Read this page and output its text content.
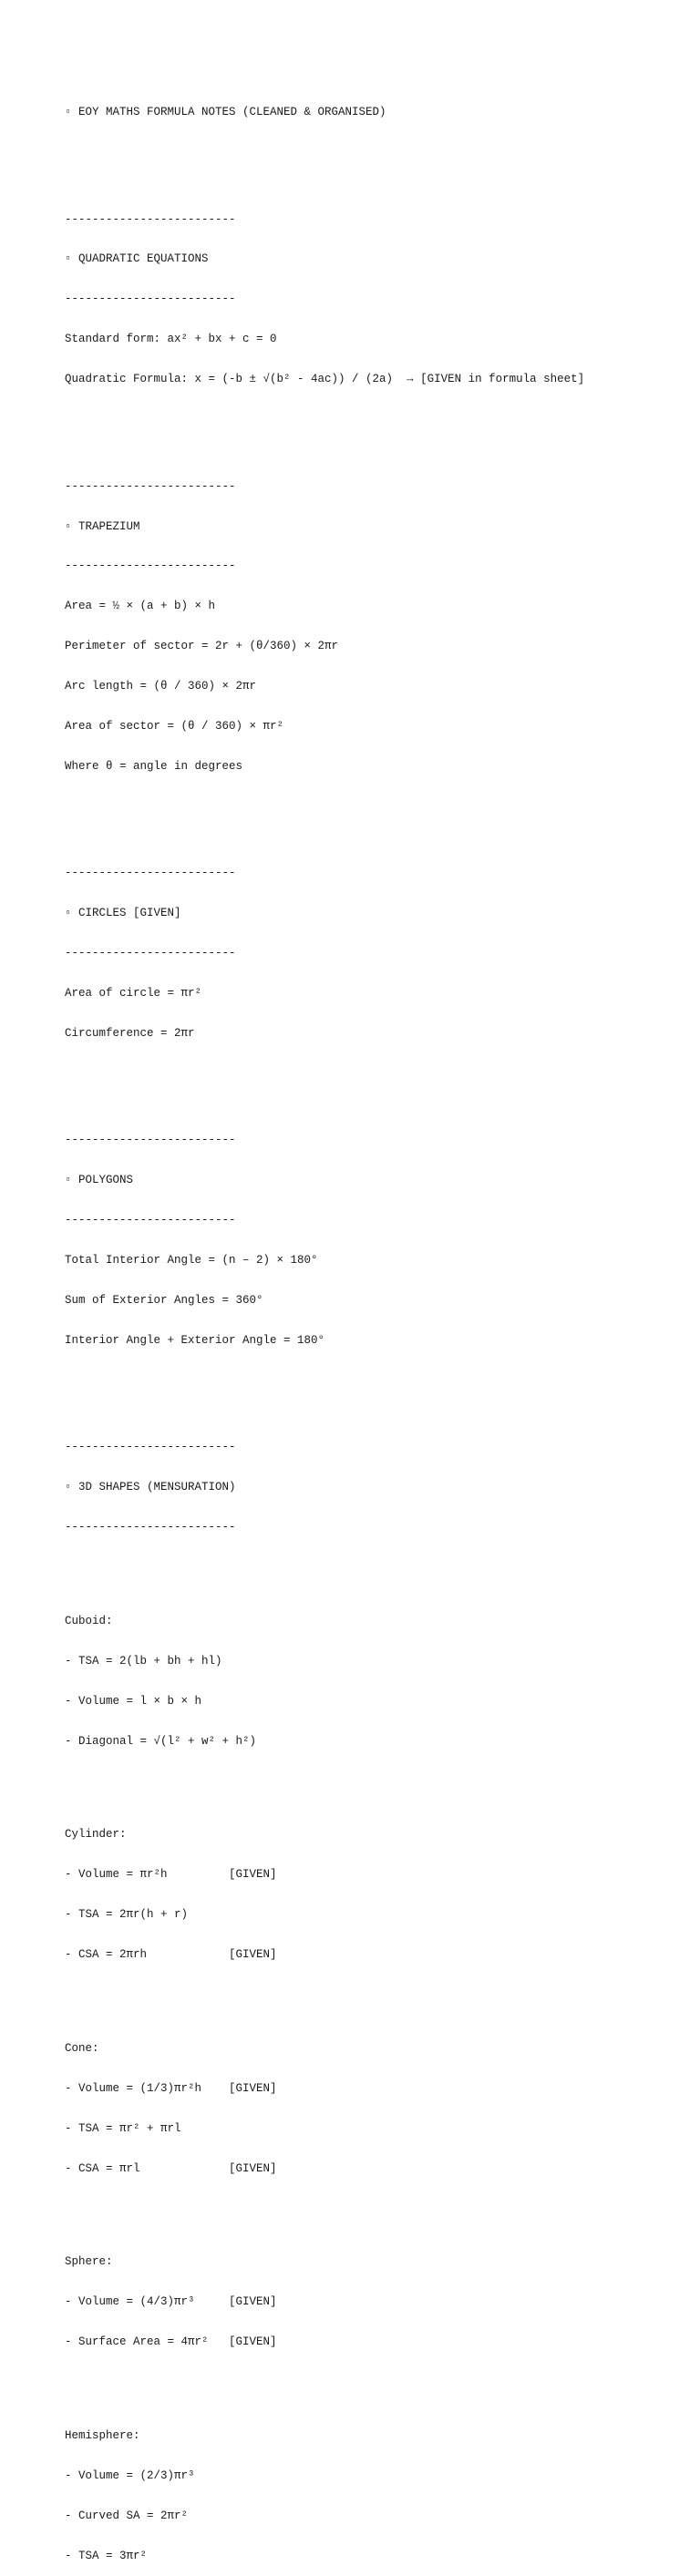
▫ EOY MATHS FORMULA NOTES (CLEANED & ORGANISED)

-------------------------

▫ QUADRATIC EQUATIONS

-------------------------

Standard form: ax² + bx + c = 0

Quadratic Formula: x = (-b ± √(b² - 4ac)) / (2a)  → [GIVEN in formula sheet]

-------------------------

▫ TRAPEZIUM

-------------------------

Area = ½ × (a + b) × h

Perimeter of sector = 2r + (θ/360) × 2πr

Arc length = (θ / 360) × 2πr

Area of sector = (θ / 360) × πr²

Where θ = angle in degrees

-------------------------

▫ CIRCLES [GIVEN]

-------------------------

Area of circle = πr²

Circumference = 2πr

-------------------------

▫ POLYGONS

-------------------------

Total Interior Angle = (n – 2) × 180°

Sum of Exterior Angles = 360°

Interior Angle + Exterior Angle = 180°

-------------------------

▫ 3D SHAPES (MENSURATION)

-------------------------

Cuboid:

- TSA = 2(lb + bh + hl)

- Volume = l × b × h

- Diagonal = √(l² + w² + h²)

Cylinder:

- Volume = πr²h         [GIVEN]

- TSA = 2πr(h + r)

- CSA = 2πrh            [GIVEN]

Cone:

- Volume = (1/3)πr²h    [GIVEN]

- TSA = πr² + πrl

- CSA = πrl             [GIVEN]

Sphere:

- Volume = (4/3)πr³     [GIVEN]

- Surface Area = 4πr²   [GIVEN]

Hemisphere:

- Volume = (2/3)πr³

- Curved SA = 2πr²

- TSA = 3πr²
